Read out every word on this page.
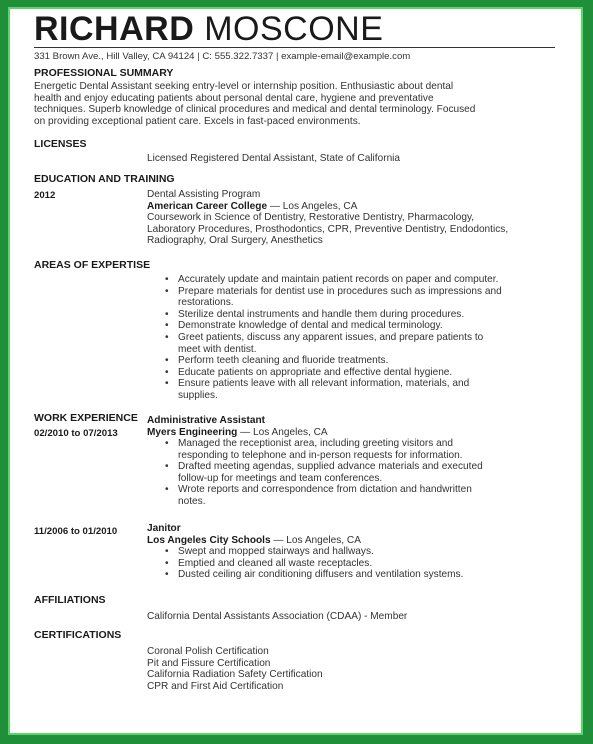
RICHARD MOSCONE
331 Brown Ave., Hill Valley, CA 94124 | C: 555.322.7337 | example-email@example.com
PROFESSIONAL SUMMARY
Energetic Dental Assistant seeking entry-level or internship position. Enthusiastic about dental
health and enjoy educating patients about personal dental care, hygiene and preventative
techniques. Superb knowledge of clinical procedures and medical and dental terminology. Focused
on providing exceptional patient care. Excels in fast-paced environments.
LICENSES
Licensed Registered Dental Assistant, State of California
EDUCATION AND TRAINING
2012	Dental Assisting Program
American Career College — Los Angeles, CA
Coursework in Science of Dentistry, Restorative Dentistry, Pharmacology,
Laboratory Procedures, Prosthodontics, CPR, Preventive Dentistry, Endodontics,
Radiography, Oral Surgery, Anesthetics
AREAS OF EXPERTISE
• Accurately update and maintain patient records on paper and computer.
• Prepare materials for dentist use in procedures such as impressions and
restorations.
• Sterilize dental instruments and handle them during procedures.
• Demonstrate knowledge of dental and medical terminology.
• Greet patients, discuss any apparent issues, and prepare patients to
meet with dentist.
• Perform teeth cleaning and fluoride treatments.
• Educate patients on appropriate and effective dental hygiene.
• Ensure patients leave with all relevant information, materials, and
supplies.
WORK EXPERIENCE
02/2010 to 07/2013
Administrative Assistant
Myers Engineering — Los Angeles, CA
• Managed the receptionist area, including greeting visitors and
responding to telephone and in-person requests for information.
• Drafted meeting agendas, supplied advance materials and executed
follow-up for meetings and team conferences.
• Wrote reports and correspondence from dictation and handwritten
notes.
11/2006 to 01/2010	Janitor
Los Angeles City Schools — Los Angeles, CA
• Swept and mopped stairways and hallways.
• Emptied and cleaned all waste receptacles.
• Dusted ceiling air conditioning diffusers and ventilation systems.
AFFILIATIONS
California Dental Assistants Association (CDAA) - Member
CERTIFICATIONS
Coronal Polish Certification
Pit and Fissure Certification
California Radiation Safety Certification
CPR and First Aid Certification
